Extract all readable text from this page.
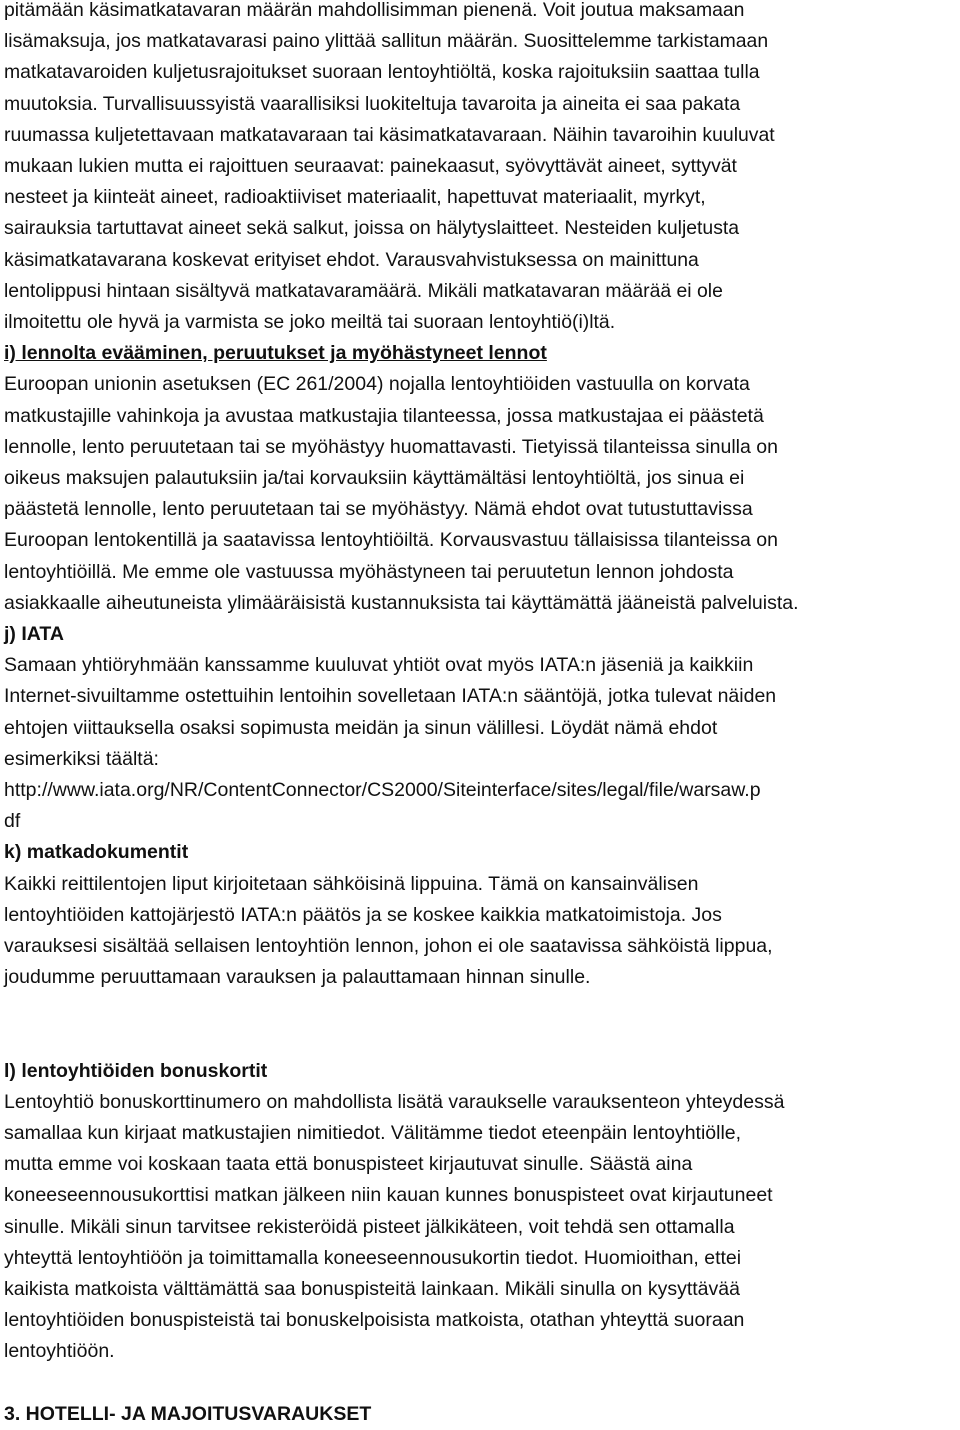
pitämään käsimatkatavaran määrän mahdollisimman pienenä. Voit joutua maksamaan
lisämaksuja, jos matkatavarasi paino ylittää sallitun määrän. Suosittelemme tarkistamaan
matkatavaroiden kuljetusrajoitukset suoraan lentoyhtiöltä, koska rajoituksiin saattaa tulla
muutoksia. Turvallisuussyistä vaarallisiksi luokiteltuja tavaroita ja aineita ei saa pakata
ruumassa kuljetettavaan matkatavaraan tai käsimatkatavaraan. Näihin tavaroihin kuuluvat
mukaan lukien mutta ei rajoittuen seuraavat: painekaasut, syövyttävät aineet, syttyvät
nesteet ja kiinteät aineet, radioaktiiviset materiaalit, hapettuvat materiaalit, myrkyt,
sairauksia tartuttavat aineet sekä salkut, joissa on hälytyslaitteet. Nesteiden kuljetusta
käsimatkatavarana koskevat erityiset ehdot. Varausvahvistuksessa on mainittuna
lentolippusi hintaan sisältyvä matkatavaramäärä. Mikäli matkatavaran määrää ei ole
ilmoitettu ole hyvä ja varmista se joko meiltä tai suoraan lentoyhtiö(i)ltä.

i) lennolta evääminen, peruutukset ja myöhästyneet lennot

Euroopan unionin asetuksen (EC 261/2004) nojalla lentoyhtiöiden vastuulla on korvata
matkustajille vahinkoja ja avustaa matkustajia tilanteessa, jossa matkustajaa ei päästetä
lennolle, lento peruutetaan tai se myöhästyy huomattavasti. Tietyissä tilanteissa sinulla on
oikeus maksujen palautuksiin ja/tai korvauksiin käyttämältäsi lentoyhtiöltä, jos sinua ei
päästetä lennolle, lento peruutetaan tai se myöhästyy. Nämä ehdot ovat tutustuttavissa
Euroopan lentokentillä ja saatavissa lentoyhtiöiltä. Korvausvastuu tällaisissa tilanteissa on
lentoyhtiöillä. Me emme ole vastuussa myöhästyneen tai peruutetun lennon johdosta
asiakkaalle aiheutuneista ylimääräisistä kustannuksista tai käyttämättä jääneistä palveluista.

j) IATA

Samaan yhtiöryhmään kanssamme kuuluvat yhtiöt ovat myös IATA:n jäseniä ja kaikkiin
Internet-sivuiltamme ostettuihin lentoihin sovelletaan IATA:n sääntöjä, jotka tulevat näiden
ehtojen viittauksella osaksi sopimusta meidän ja sinun välillesi. Löydät nämä ehdot
esimerkiksi täältä:
http://www.iata.org/NR/ContentConnector/CS2000/Siteinterface/sites/legal/file/warsaw.p
df

k) matkadokumentit

Kaikki reittilentojen liput kirjoitetaan sähköisinä lippuina. Tämä on kansainvälisen
lentoyhtiöiden kattojärjestö IATA:n päätös ja se koskee kaikkia matkatoimistoja. Jos
varauksesi sisältää sellaisen lentoyhtiön lennon, johon ei ole saatavissa sähköistä lippua,
joudumme peruuttamaan varauksen ja palauttamaan hinnan sinulle.

l) lentoyhtiöiden bonuskortit

Lentoyhtiö bonuskorttinumero on mahdollista lisätä varaukselle varauksenteon yhteydessä
samallaa kun kirjaat matkustajien nimitiedot. Välitämme tiedot eteenpäin lentoyhtiölle,
mutta emme voi koskaan taata että bonuspisteet kirjautuvat sinulle. Säästä aina
koneeseennousukorttisi matkan jälkeen niin kauan kunnes bonuspisteet ovat kirjautuneet
sinulle. Mikäli sinun tarvitsee rekisteröidä pisteet jälkikäteen, voit tehdä sen ottamalla
yhteyttä lentoyhtiöön ja toimittamalla koneeseennousukortin tiedot. Huomioithan, ettei
kaikista matkoista välttämättä saa bonuspisteitä lainkaan. Mikäli sinulla on kysyttävää
lentoyhtiöiden bonuspisteistä tai bonuskelpoisista matkoista, otathan yhteyttä suoraan
lentoyhtiöön.

3. HOTELLI- JA MAJOITUSVARAUKSET
